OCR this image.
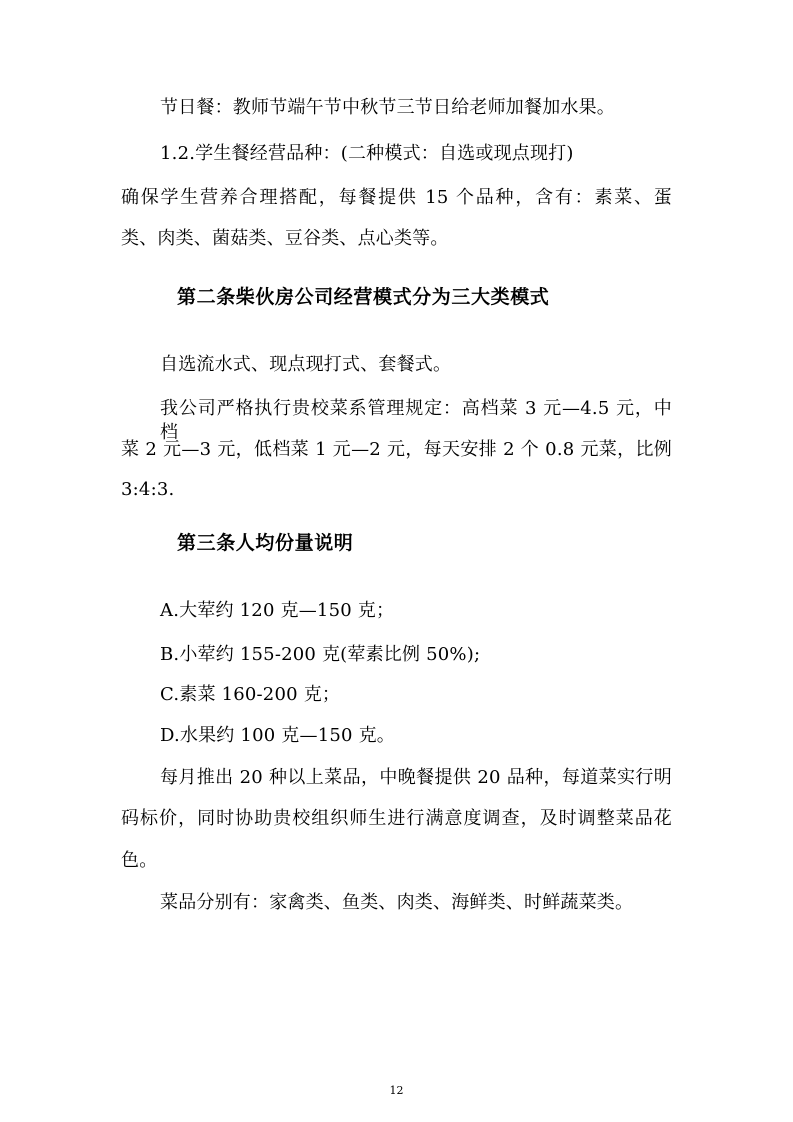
节日餐：教师节端午节中秋节三节日给老师加餐加水果。
1.2.学生餐经营品种：(二种模式：自选或现点现打)
确保学生营养合理搭配，每餐提供 15 个品种，含有：素菜、蛋
类、肉类、菌菇类、豆谷类、点心类等。
第二条柴伙房公司经营模式分为三大类模式
自选流水式、现点现打式、套餐式。
我公司严格执行贵校菜系管理规定：高档菜 3 元—4.5 元，中档
菜 2 元—3 元，低档菜 1 元—2 元，每天安排 2 个 0.8 元菜，比例
3:4:3.
第三条人均份量说明
A.大荤约 120 克—150 克；
B.小荤约 155-200 克(荤素比例 50%);
C.素菜 160-200 克；
D.水果约 100 克—150 克。
每月推出 20 种以上菜品，中晚餐提供 20 品种，每道菜实行明
码标价，同时协助贵校组织师生进行满意度调查，及时调整菜品花
色。
菜品分别有：家禽类、鱼类、肉类、海鲜类、时鲜蔬菜类。
12
